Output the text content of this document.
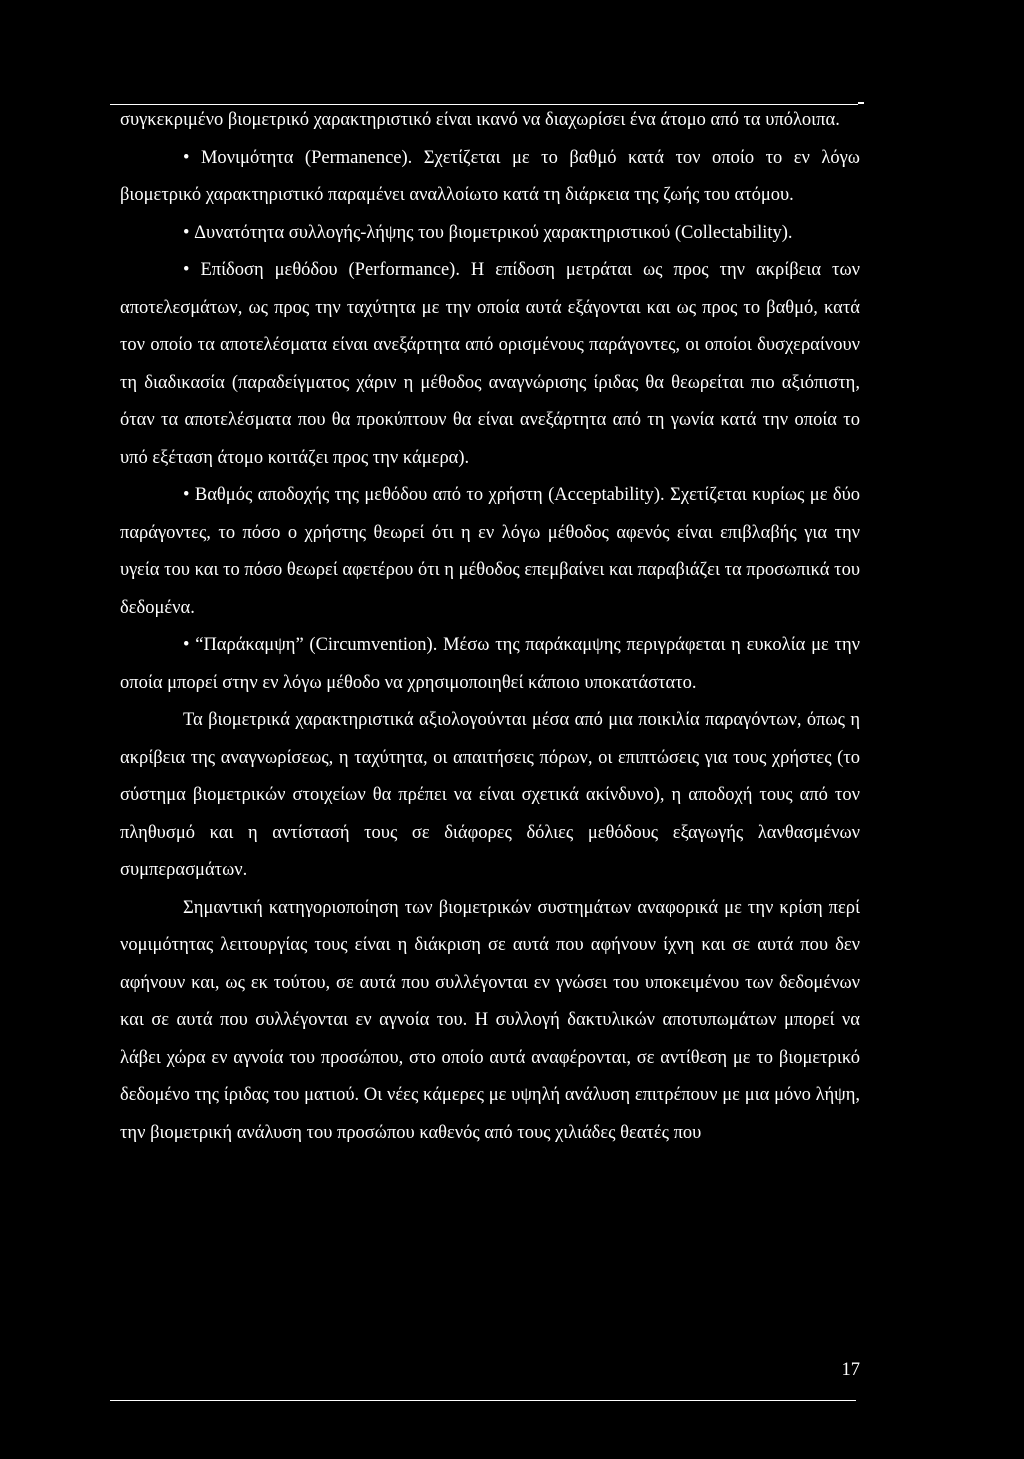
συγκεκριμένο βιομετρικό χαρακτηριστικό είναι ικανό να διαχωρίσει ένα άτομο από τα υπόλοιπα.

• Μονιμότητα (Permanence). Σχετίζεται με το βαθμό κατά τον οποίο το εν λόγω βιομετρικό χαρακτηριστικό παραμένει αναλλοίωτο κατά τη διάρκεια της ζωής του ατόμου.

• Δυνατότητα συλλογής-λήψης του βιομετρικού χαρακτηριστικού (Collectability).

• Επίδοση μεθόδου (Performance). Η επίδοση μετράται ως προς την ακρίβεια των αποτελεσμάτων, ως προς την ταχύτητα με την οποία αυτά εξάγονται και ως προς το βαθμό, κατά τον οποίο τα αποτελέσματα είναι ανεξάρτητα από ορισμένους παράγοντες, οι οποίοι δυσχεραίνουν τη διαδικασία (παραδείγματος χάριν η μέθοδος αναγνώρισης ίριδας θα θεωρείται πιο αξιόπιστη, όταν τα αποτελέσματα που θα προκύπτουν θα είναι ανεξάρτητα από τη γωνία κατά την οποία το υπό εξέταση άτομο κοιτάζει προς την κάμερα).

• Βαθμός αποδοχής της μεθόδου από το χρήστη (Acceptability). Σχετίζεται κυρίως με δύο παράγοντες, το πόσο ο χρήστης θεωρεί ότι η εν λόγω μέθοδος αφενός είναι επιβλαβής για την υγεία του και το πόσο θεωρεί αφετέρου ότι η μέθοδος επεμβαίνει και παραβιάζει τα προσωπικά του δεδομένα.

• “Παράκαμψη” (Circumvention). Μέσω της παράκαμψης περιγράφεται η ευκολία με την οποία μπορεί στην εν λόγω μέθοδο να χρησιμοποιηθεί κάποιο υποκατάστατο.

Τα βιομετρικά χαρακτηριστικά αξιολογούνται μέσα από μια ποικιλία παραγόντων, όπως η ακρίβεια της αναγνωρίσεως, η ταχύτητα, οι απαιτήσεις πόρων, οι επιπτώσεις για τους χρήστες (το σύστημα βιομετρικών στοιχείων θα πρέπει να είναι σχετικά ακίνδυνο), η αποδοχή τους από τον πληθυσμό και η αντίστασή τους σε διάφορες δόλιες μεθόδους εξαγωγής λανθασμένων συμπερασμάτων.

Σημαντική κατηγοριοποίηση των βιομετρικών συστημάτων αναφορικά με την κρίση περί νομιμότητας λειτουργίας τους είναι η διάκριση σε αυτά που αφήνουν ίχνη και σε αυτά που δεν αφήνουν και, ως εκ τούτου, σε αυτά που συλλέγονται εν γνώσει του υποκειμένου των δεδομένων και σε αυτά που συλλέγονται εν αγνοία του. Η συλλογή δακτυλικών αποτυπωμάτων μπορεί να λάβει χώρα εν αγνοία του προσώπου, στο οποίο αυτά αναφέρονται, σε αντίθεση με το βιομετρικό δεδομένο της ίριδας του ματιού. Οι νέες κάμερες με υψηλή ανάλυση επιτρέπουν με μια μόνο λήψη, την βιομετρική ανάλυση του προσώπου καθενός από τους χιλιάδες θεατές που

17
